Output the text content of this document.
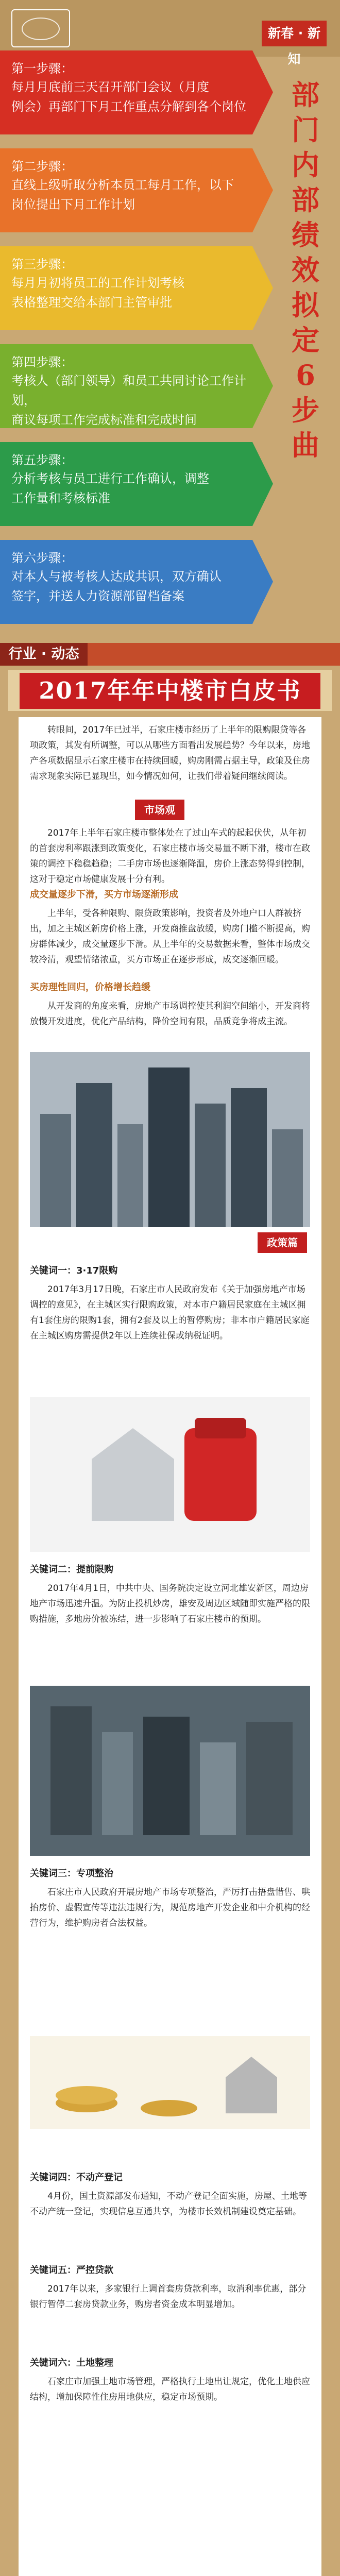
新春 · 新知
第一步骤：
每月月底前三天召开部门会议（月度
例会）再部门下月工作重点分解到各个岗位
第二步骤：
直线上级听取分析本员工每月工作，以下
岗位提出下月工作计划
第三步骤：
每月月初将员工的工作计划考核
表格整理交给本部门主管审批
第四步骤：
考核人（部门领导）和员工共同讨论工作计划，
商议每项工作完成标准和完成时间
第五步骤：
分析考核与员工进行工作确认，调整
工作量和考核标准
第六步骤：
对本人与被考核人达成共识，双方确认
签字，并送人力资源部留档备案
部门内部绩效拟定6步曲
行业 · 动态
2017年年中楼市白皮书

转眼间，2017年已过半，石家庄楼市经历了上半年的限购限贷等各项政策，其发有所调整，可以从哪些方面看出发展趋势？今年以来，房地产各项数据显示石家庄楼市在持续回暖，购房刚需占据主导，政策及住房需求现象实际已显现出，如今情况如何，让我们带着疑问继续阅读。

市场观

2017年上半年石家庄楼市整体处在了过山车式的起起伏伏，从年初的首套房利率跟涨到政策变化，石家庄楼市场交易量不断下滑，楼市在政策的调控下稳稳趋稳；二手房市场也逐渐降温，房价上涨态势得到控制，这对于稳定市场健康发展十分有利。

成交量逐步下滑，买方市场逐渐形成

上半年，受各种限购、限贷政策影响，投资者及外地户口人群被挤出，加之主城区新房价格上涨，开发商推盘放缓，购房门槛不断提高，购房群体减少，成交量逐步下滑。从上半年的交易数据来看，整体市场成交较冷清，观望情绪浓重，买方市场正在逐步形成，成交逐渐回暖。

买房理性回归，价格增长趋缓

从开发商的角度来看，房地产市场调控使其利润空间缩小，开发商将放慢开发进度，优化产品结构，降价空间有限，品质竞争将成主流。

政策篇

关键词一：3·17限购

2017年3月17日晚，石家庄市人民政府发布《关于加强房地产市场调控的意见》，在主城区实行限购政策，对本市户籍居民家庭在主城区拥有1套住房的限购1套，拥有2套及以上的暂停购房；非本市户籍居民家庭在主城区购房需提供2年以上连续社保或纳税证明。

关键词二：提前限购

2017年4月1日，中共中央、国务院决定设立河北雄安新区，周边房地产市场迅速升温。为防止投机炒房，雄安及周边区域随即实施严格的限购措施，多地房价被冻结，进一步影响了石家庄楼市的预期。

关键词三：专项整治

石家庄市人民政府开展房地产市场专项整治，严厉打击捂盘惜售、哄抬房价、虚假宣传等违法违规行为，规范房地产开发企业和中介机构的经营行为，维护购房者合法权益。

关键词四：不动产登记

4月份，国土资源部发布通知，不动产登记全面实施，房屋、土地等不动产统一登记，实现信息互通共享，为楼市长效机制建设奠定基础。

关键词五：严控贷款

2017年以来，多家银行上调首套房贷款利率，取消利率优惠，部分银行暂停二套房贷款业务，购房者资金成本明显增加。

关键词六：土地整理

石家庄市加强土地市场管理，严格执行土地出让规定，优化土地供应结构，增加保障性住房用地供应，稳定市场预期。
